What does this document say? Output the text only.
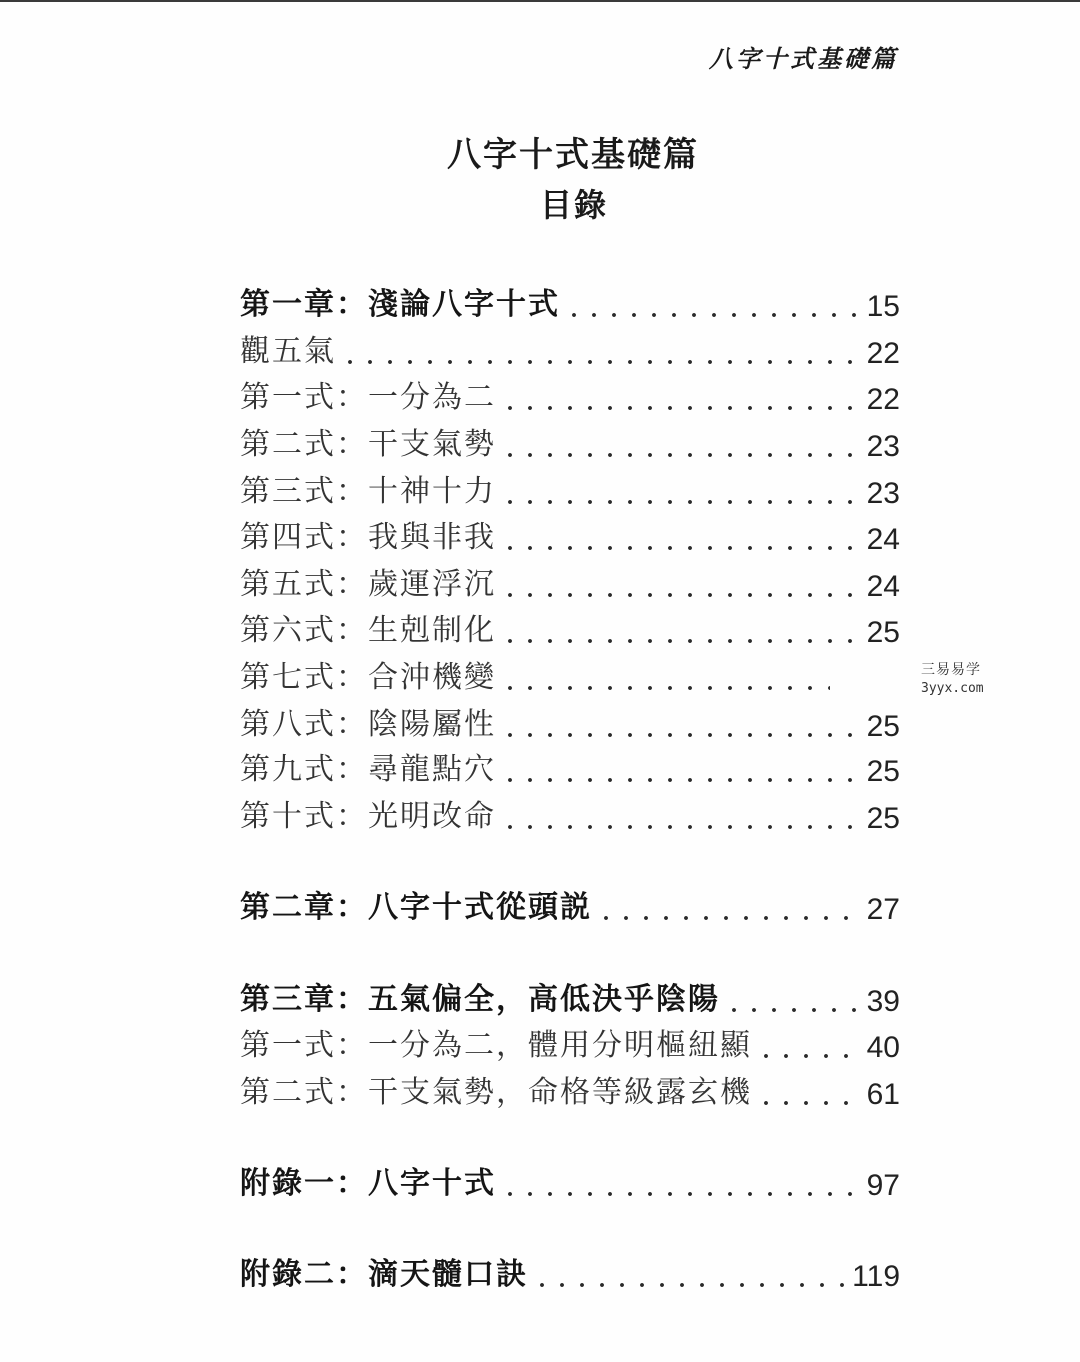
八字十式基礎篇
八字十式基礎篇
目錄
第一章：淺論八字十式	15
觀五氣	22
第一式：一分為二	22
第二式：干支氣勢	23
第三式：十神十力	23
第四式：我與非我	24
第五式：歲運浮沉	24
第六式：生剋制化	25
第七式：合沖機變
第八式：陰陽屬性	25
第九式：尋龍點穴	25
第十式：光明改命	25
第二章：八字十式從頭説	27
第三章：五氣偏全，高低決乎陰陽	39
第一式：一分為二，體用分明樞紐顯	40
第二式：干支氣勢，命格等級露玄機	61
附錄一：八字十式	97
附錄二：滴天髓口訣	119
三易易学
3yyx.com
